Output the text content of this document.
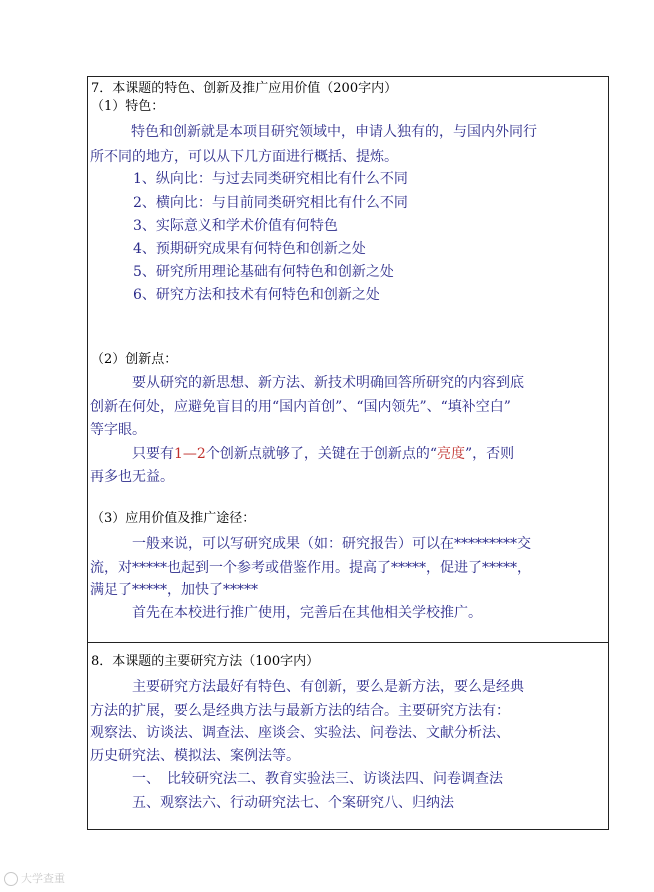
7．本课题的特色、创新及推广应用价值（200字内）
（1）特色：
特色和创新就是本项目研究领域中，申请人独有的，与国内外同行
所不同的地方，可以从下几方面进行概括、提炼。
1、纵向比：与过去同类研究相比有什么不同
2、横向比：与目前同类研究相比有什么不同
3、实际意义和学术价值有何特色
4、预期研究成果有何特色和创新之处
5、研究所用理论基础有何特色和创新之处
6、研究方法和技术有何特色和创新之处
（2）创新点：
要从研究的新思想、新方法、新技术明确回答所研究的内容到底
创新在何处，应避免盲目的用“国内首创”、“国内领先”、“填补空白”
等字眼。
只要有1—2个创新点就够了，关键在于创新点的“亮度”，否则
再多也无益。
（3）应用价值及推广途径：
一般来说，可以写研究成果（如：研究报告）可以在*********交
流，对*****也起到一个参考或借鉴作用。提高了*****，促进了*****，
满足了*****，加快了*****
首先在本校进行推广使用，完善后在其他相关学校推广。
8．本课题的主要研究方法（100字内）
主要研究方法最好有特色、有创新，要么是新方法，要么是经典
方法的扩展，要么是经典方法与最新方法的结合。主要研究方法有：
观察法、访谈法、调查法、座谈会、实验法、问卷法、文献分析法、
历史研究法、模拟法、案例法等。
一、　比较研究法二、教育实验法三、访谈法四、问卷调查法
五、观察法六、行动研究法七、个案研究八、归纳法
大学查重
